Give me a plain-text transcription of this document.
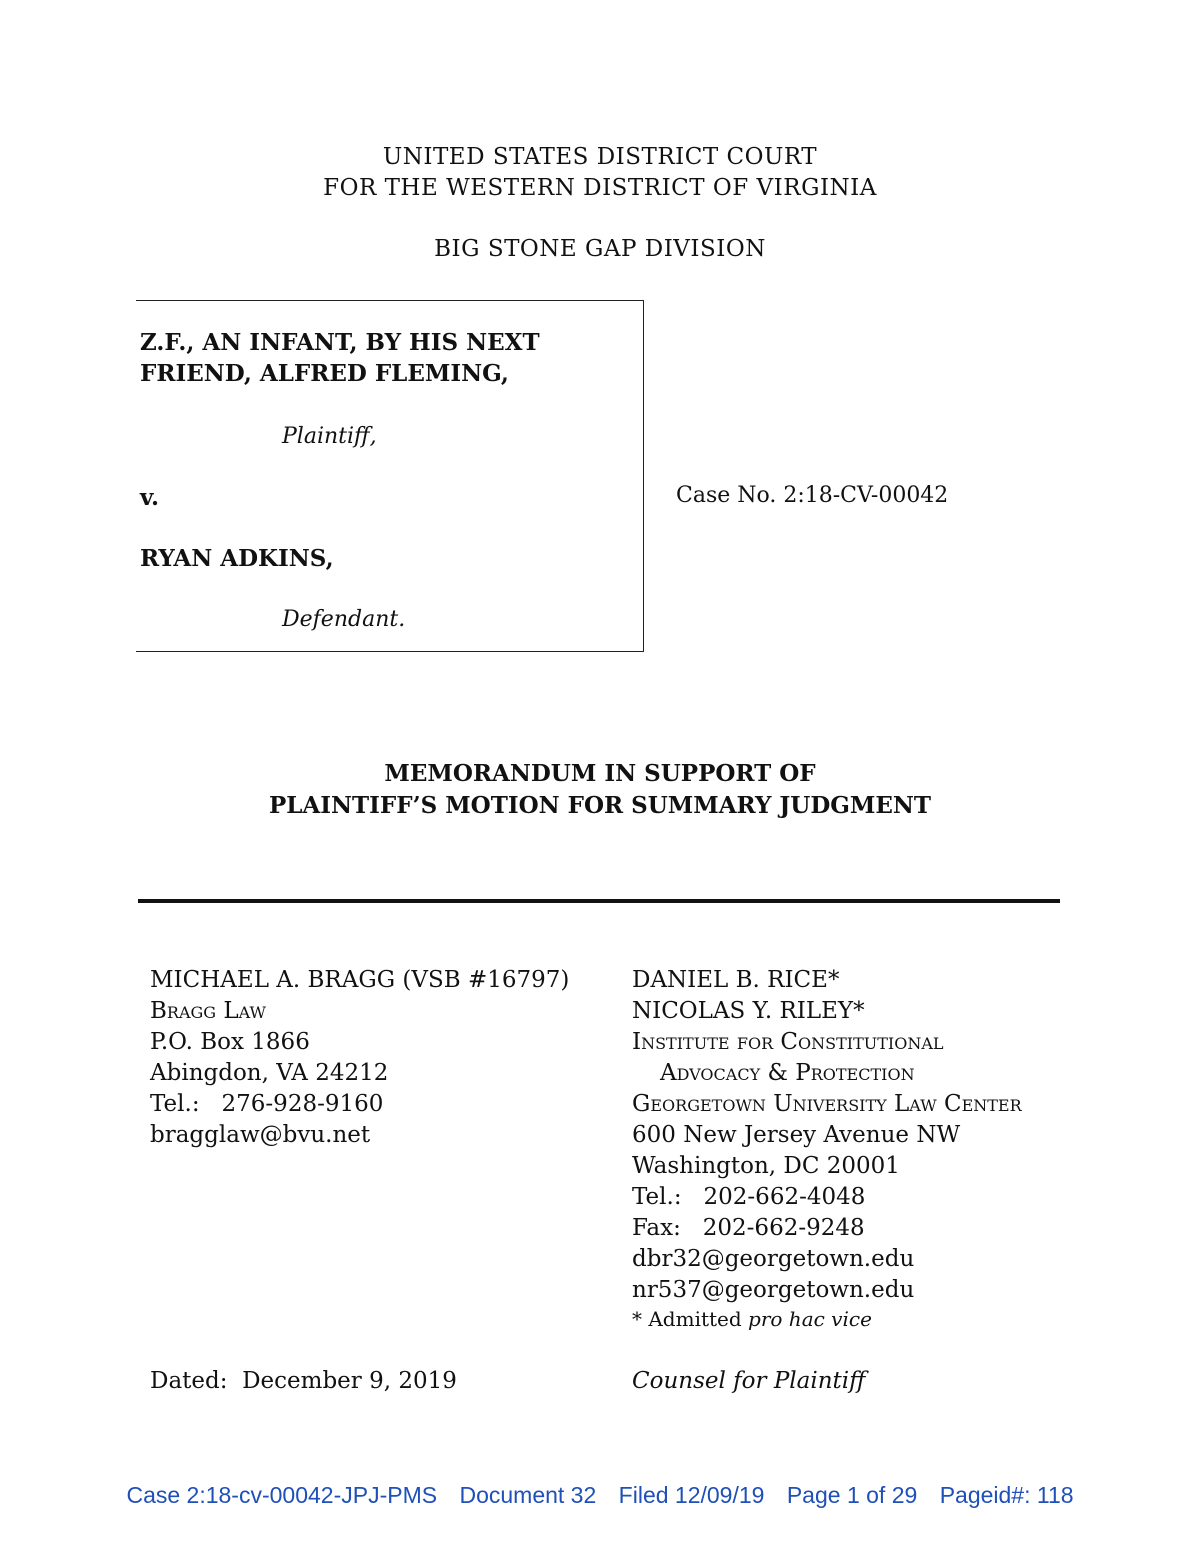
UNITED STATES DISTRICT COURT
FOR THE WESTERN DISTRICT OF VIRGINIA
BIG STONE GAP DIVISION
Z.F., AN INFANT, BY HIS NEXT
FRIEND, ALFRED FLEMING,
Plaintiff,
v.
RYAN ADKINS,
Defendant.
Case No. 2:18-CV-00042
MEMORANDUM IN SUPPORT OF
PLAINTIFF’S MOTION FOR SUMMARY JUDGMENT
MICHAEL A. BRAGG (VSB #16797)
Bragg Law
P.O. Box 1866
Abingdon, VA 24212
Tel.:   276-928-9160
bragglaw@bvu.net
Dated:  December 9, 2019
DANIEL B. RICE*
NICOLAS Y. RILEY*
Institute for Constitutional
Advocacy & Protection
Georgetown University Law Center
600 New Jersey Avenue NW
Washington, DC 20001
Tel.:   202-662-4048
Fax:   202-662-9248
dbr32@georgetown.edu
nr537@georgetown.edu
* Admitted pro hac vice
Counsel for Plaintiff
Case 2:18-cv-00042-JPJ-PMS Document 32 Filed 12/09/19 Page 1 of 29 Pageid#: 118
